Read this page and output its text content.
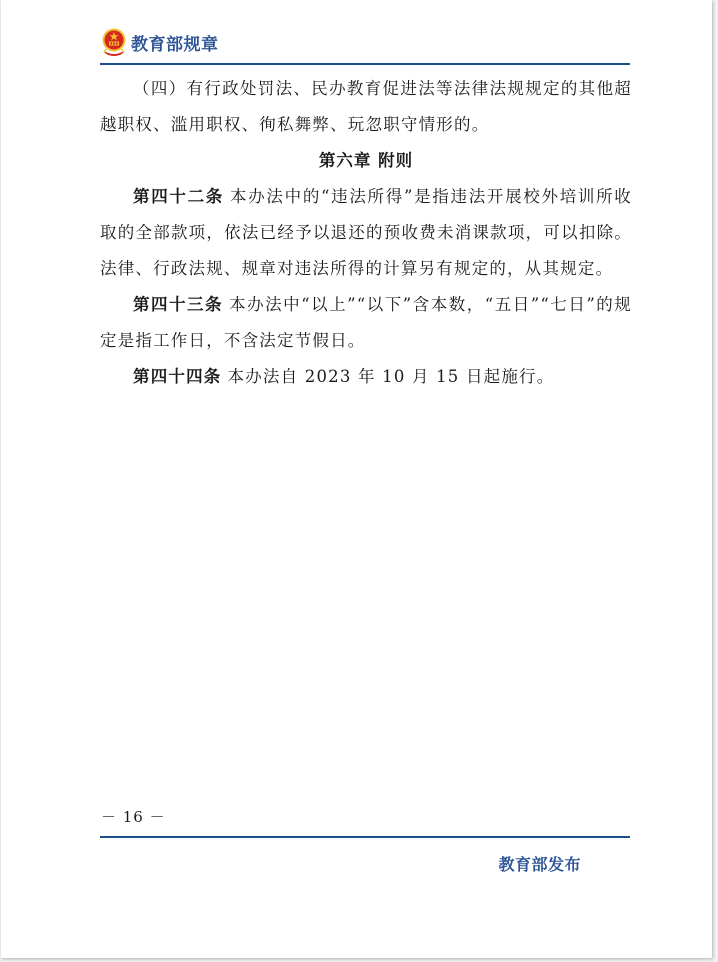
教育部规章

（四）有行政处罚法、民办教育促进法等法律法规规定的其他超越职权、滥用职权、徇私舞弊、玩忽职守情形的。

第六章 附则

第四十二条 本办法中的“违法所得”是指违法开展校外培训所收取的全部款项，依法已经予以退还的预收费未消课款项，可以扣除。法律、行政法规、规章对违法所得的计算另有规定的，从其规定。

第四十三条 本办法中“以上”“以下”含本数，“五日”“七日”的规定是指工作日，不含法定节假日。

第四十四条 本办法自 2023 年 10 月 15 日起施行。

－ 16 －
教育部发布
